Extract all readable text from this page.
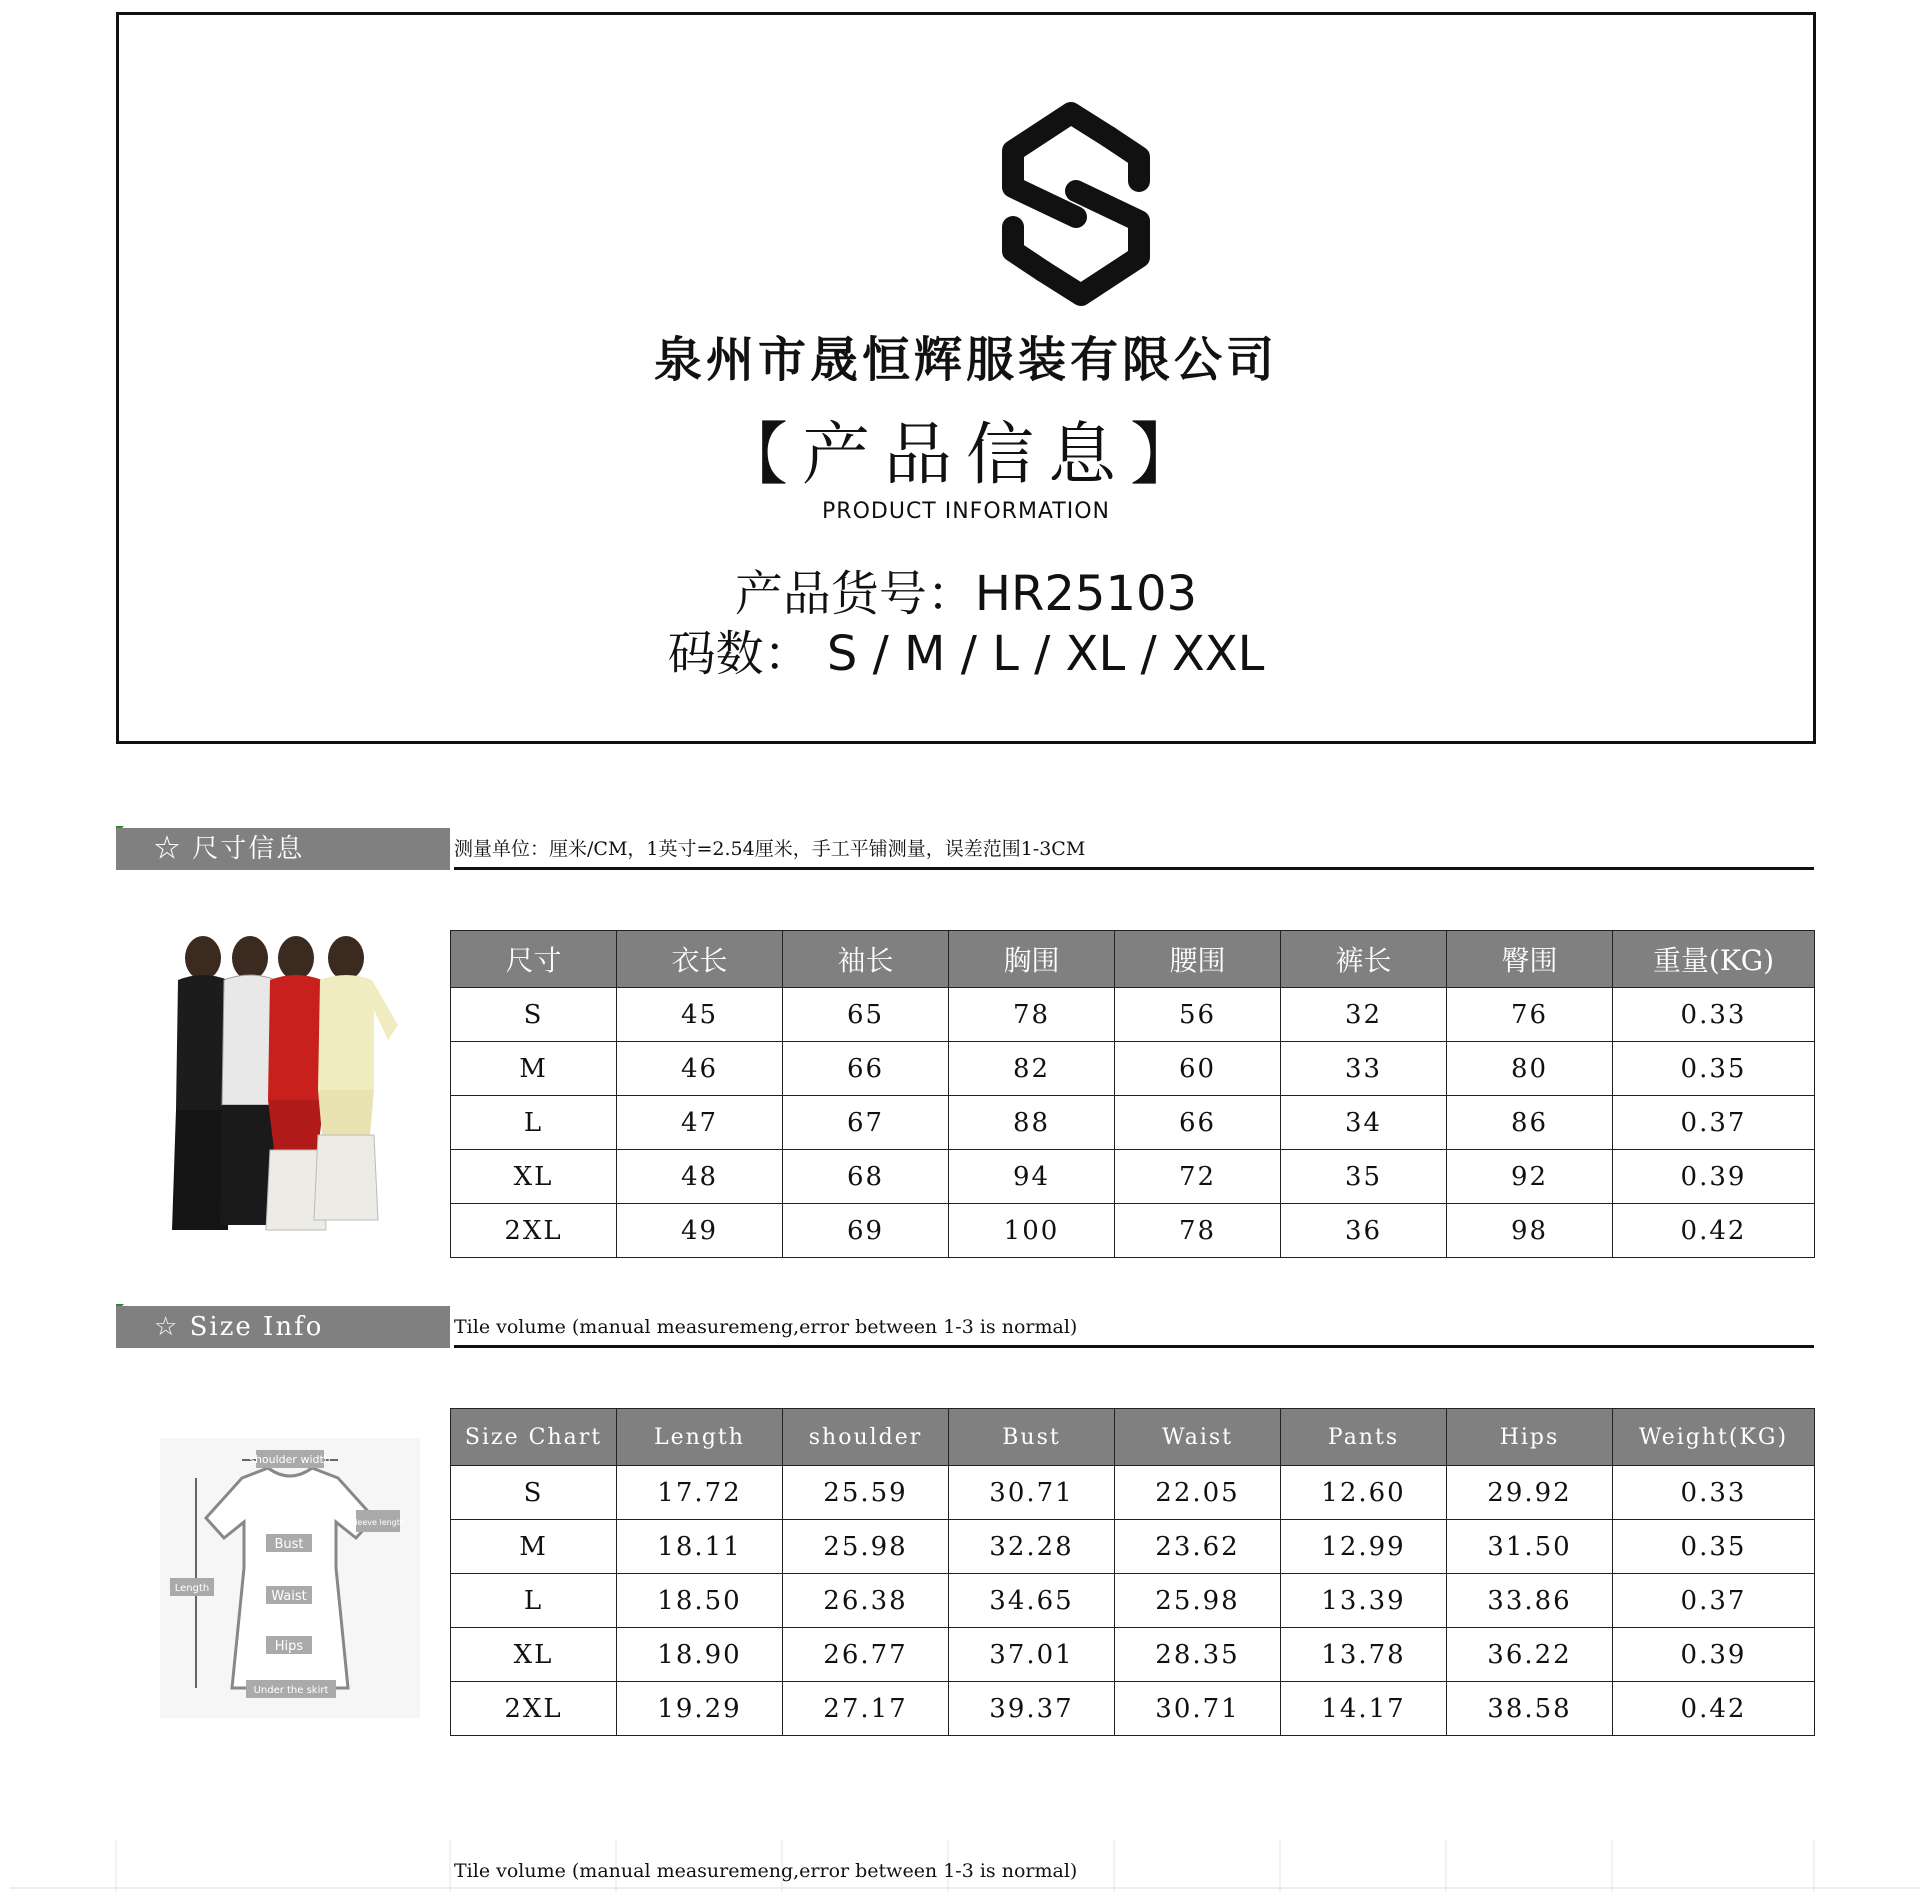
泉州市晟恒辉服装有限公司
【产品信息】
PRODUCT INFORMATION
产品货号：HR25103
码数： S / M / L / XL / XXL
☆ 尺寸信息	测量单位：厘米/CM，1英寸=2.54厘米，手工平铺测量，误差范围1-3CM
尺寸	衣长	袖长	胸围	腰围	裤长	臀围	重量(KG)
S	45	65	78	56	32	76	0.33
M	46	66	82	60	33	80	0.35
L	47	67	88	66	34	86	0.37
XL	48	68	94	72	35	92	0.39
2XL	49	69	100	78	36	98	0.42
☆ Size Info	Tile volume (manual measuremeng,error between 1-3 is normal)
shoulder width
sleeve length
Bust
Waist
Hips
Length
Under the skirt
Size Chart	Length	shoulder	Bust	Waist	Pants	Hips	Weight(KG)
S	17.72	25.59	30.71	22.05	12.60	29.92	0.33
M	18.11	25.98	32.28	23.62	12.99	31.50	0.35
L	18.50	26.38	34.65	25.98	13.39	33.86	0.37
XL	18.90	26.77	37.01	28.35	13.78	36.22	0.39
2XL	19.29	27.17	39.37	30.71	14.17	38.58	0.42
Tile volume (manual measuremeng,error between 1-3 is normal)
